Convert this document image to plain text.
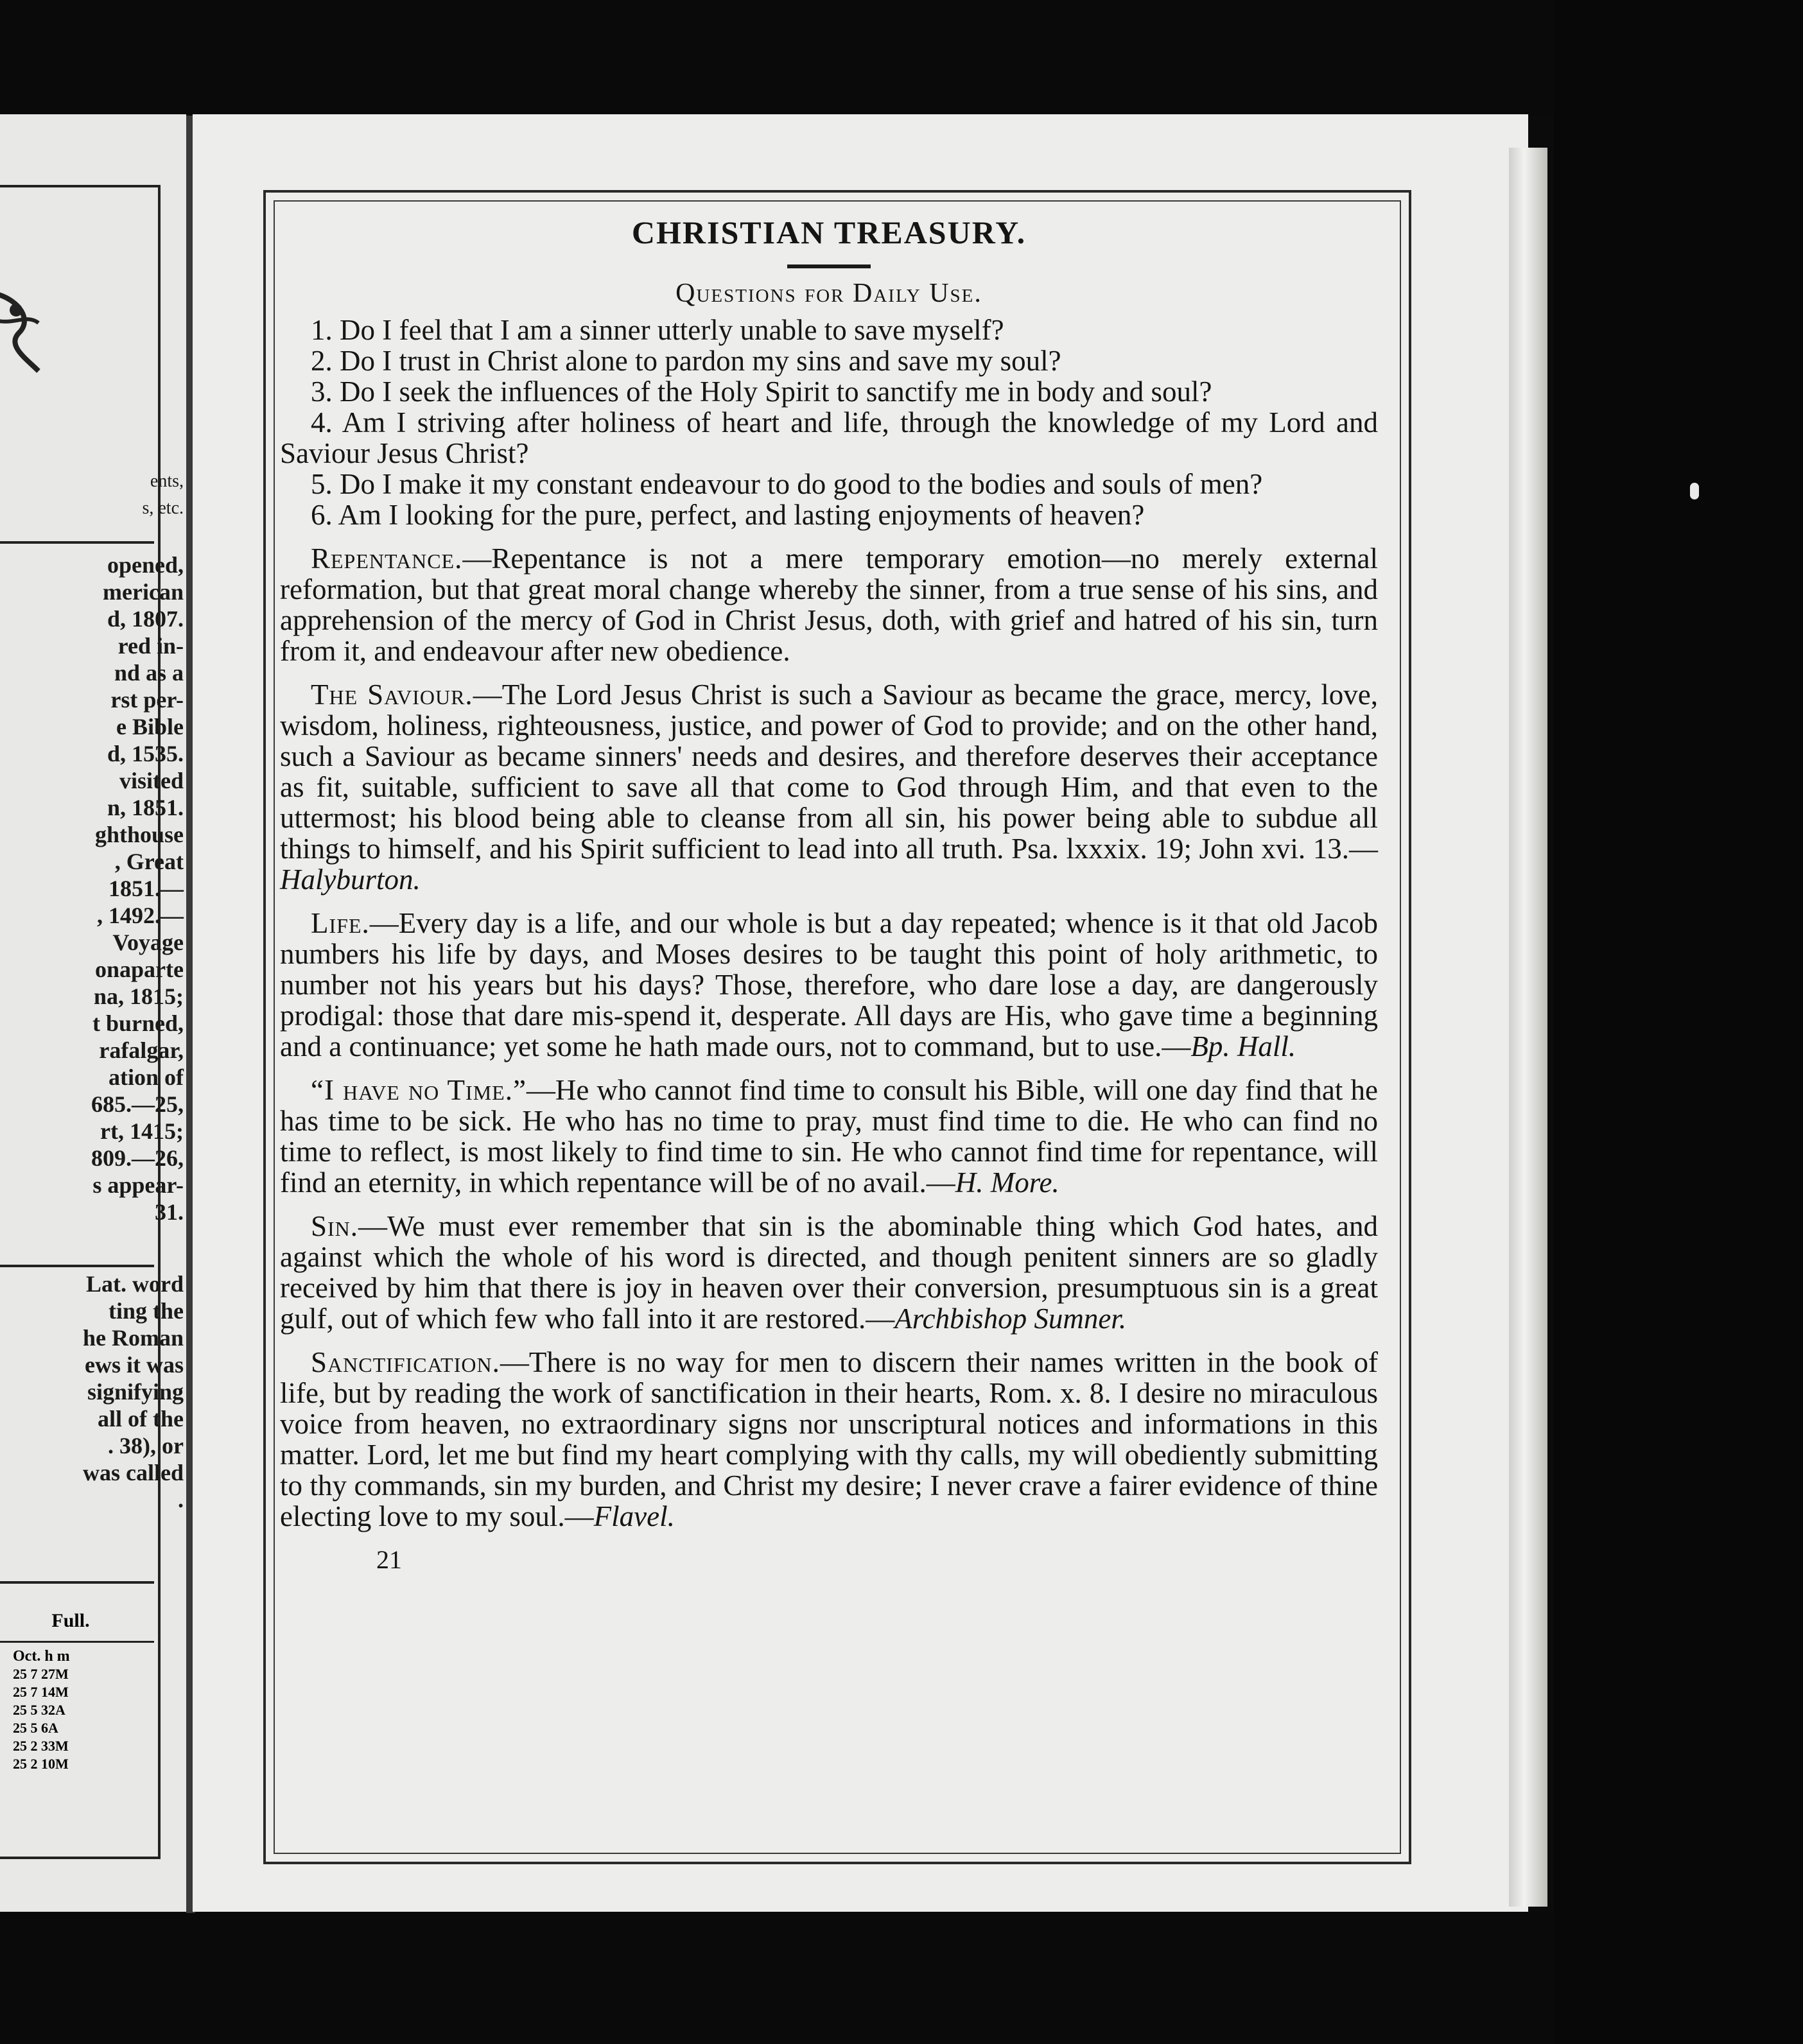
ents,
s, etc.
opened,
merican
d, 1807.
red in-
nd as a
rst per-
e Bible
d, 1535.
visited
n, 1851.
ghthouse
, Great
1851.—
, 1492.—
Voyage
onaparte
na, 1815;
t burned,
rafalgar,
ation of
685.—25,
rt, 1415;
809.—26,
s appear-
31.
Lat. word
ting the
he Roman
ews it was
signifying
all of the
. 38), or
was called
.
Full.
Oct. h m
25 7 27M
25 7 14M
25 5 32A
25 5 6A
25 2 33M
25 2 10M
CHRISTIAN TREASURY.
Questions for Daily Use.

1. Do I feel that I am a sinner utterly unable to save myself?

2. Do I trust in Christ alone to pardon my sins and save my soul?

3. Do I seek the influences of the Holy Spirit to sanctify me in body and soul?

4. Am I striving after holiness of heart and life, through the knowledge of my Lord and Saviour Jesus Christ?

5. Do I make it my constant endeavour to do good to the bodies and souls of men?

6. Am I looking for the pure, perfect, and lasting enjoyments of heaven?

Repentance.—Repentance is not a mere temporary emotion—no merely external reformation, but that great moral change whereby the sinner, from a true sense of his sins, and apprehension of the mercy of God in Christ Jesus, doth, with grief and hatred of his sin, turn from it, and endeavour after new obedience.

The Saviour.—The Lord Jesus Christ is such a Saviour as became the grace, mercy, love, wisdom, holiness, righteousness, justice, and power of God to provide; and on the other hand, such a Saviour as became sinners' needs and desires, and therefore deserves their acceptance as fit, suitable, sufficient to save all that come to God through Him, and that even to the uttermost; his blood being able to cleanse from all sin, his power being able to subdue all things to himself, and his Spirit sufficient to lead into all truth. Psa. lxxxix. 19; John xvi. 13.—Halyburton.

Life.—Every day is a life, and our whole is but a day repeated; whence is it that old Jacob numbers his life by days, and Moses desires to be taught this point of holy arithmetic, to number not his years but his days? Those, therefore, who dare lose a day, are dangerously prodigal: those that dare mis-spend it, desperate. All days are His, who gave time a beginning and a continuance; yet some he hath made ours, not to command, but to use.—Bp. Hall.

“I have no Time.”—He who cannot find time to consult his Bible, will one day find that he has time to be sick. He who has no time to pray, must find time to die. He who can find no time to reflect, is most likely to find time to sin. He who cannot find time for repentance, will find an eternity, in which repentance will be of no avail.—H. More.

Sin.—We must ever remember that sin is the abominable thing which God hates, and against which the whole of his word is directed, and though penitent sinners are so gladly received by him that there is joy in heaven over their conversion, presumptuous sin is a great gulf, out of which few who fall into it are restored.—Archbishop Sumner.

Sanctification.—There is no way for men to discern their names written in the book of life, but by reading the work of sanctification in their hearts, Rom. x. 8. I desire no miraculous voice from heaven, no extraordinary signs nor unscriptural notices and informations in this matter. Lord, let me but find my heart complying with thy calls, my will obediently submitting to thy commands, sin my burden, and Christ my desire; I never crave a fairer evidence of thine electing love to my soul.—Flavel.

21
